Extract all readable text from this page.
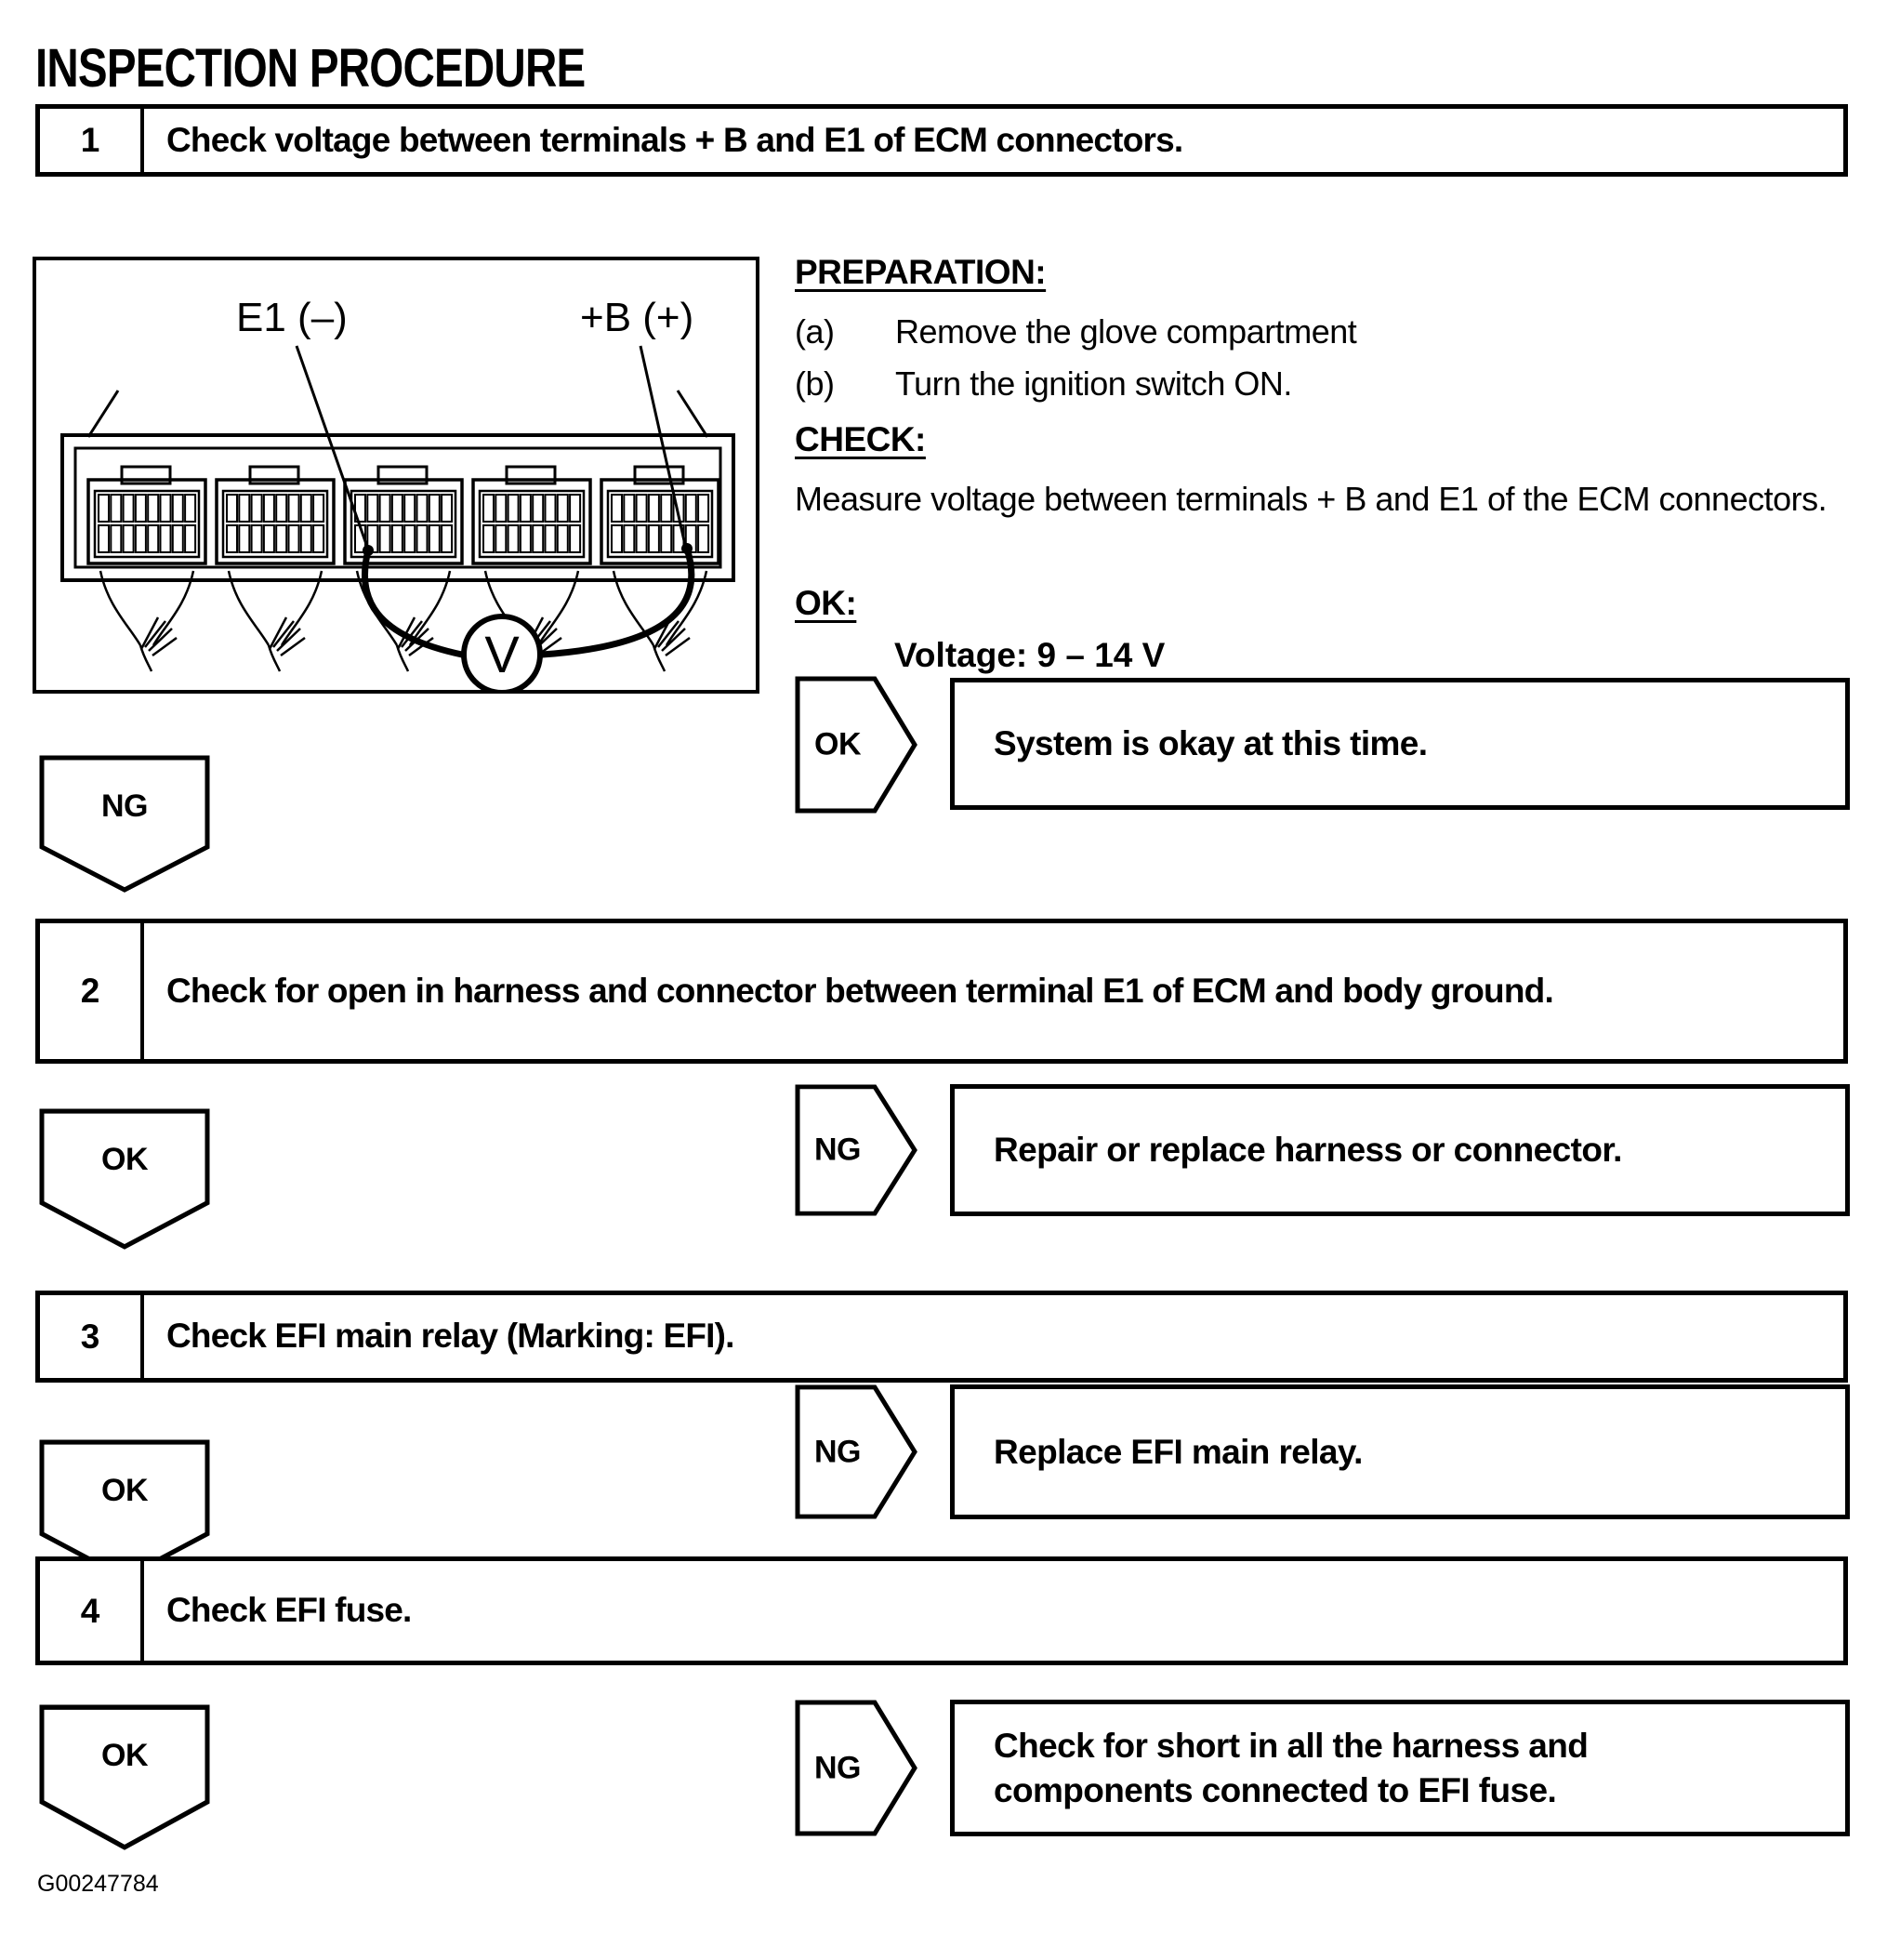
INSPECTION PROCEDURE
1	Check voltage between terminals + B and E1 of ECM connectors.
E1 (–)	+B (+)
V
PREPARATION:
(a)	Remove the glove compartment
(b)	Turn the ignition switch ON.
CHECK:
Measure voltage between terminals + B and E1 of the ECM connectors.
OK:
Voltage: 9 – 14 V
OK	System is okay at this time.
NG
2	Check for open in harness and connector between terminal E1 of ECM and body ground.
OK	NG	Repair or replace harness or connector.
3	Check EFI main relay (Marking: EFI).
NG	Replace EFI main relay.
OK
4	Check EFI fuse.
NG
Check for short in all the harness and components connected to EFI fuse.
OK
G00247784
